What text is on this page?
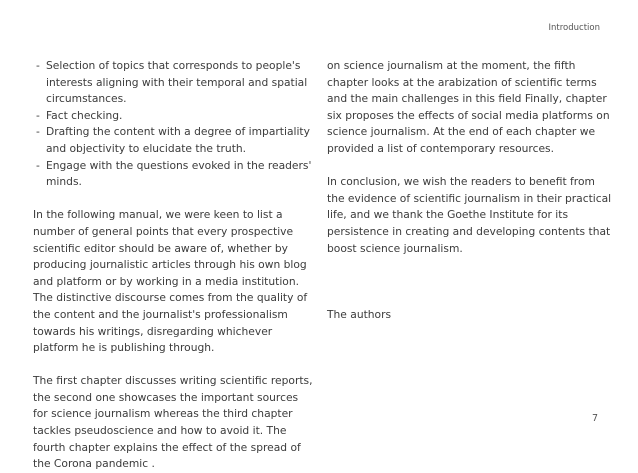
Introduction
- Selection of topics that corresponds to people's interests aligning with their temporal and spatial circumstances.
- Fact checking.
- Drafting the content with a degree of impartiality and objectivity to elucidate the truth.
- Engage with the questions evoked in the readers' minds.

In the following manual, we were keen to list a number of general points that every prospective scientific editor should be aware of, whether by producing journalistic articles through his own blog and platform or by working in a media institution. The distinctive discourse comes from the quality of the content and the journalist's professionalism towards his writings, disregarding whichever platform he is publishing through.

The first chapter discusses writing scientific reports, the second one showcases the important sources for science journalism whereas the third chapter tackles pseudoscience and how to avoid it. The fourth chapter explains the effect of the spread of the Corona pandemic .

on science journalism at the moment, the fifth chapter looks at the arabization of scientific terms and the main challenges in this field Finally, chapter six proposes the effects of social media platforms on science journalism. At the end of each chapter we provided a list of contemporary resources.

In conclusion, we wish the readers to benefit from the evidence of scientific journalism in their practical life, and we thank the Goethe Institute for its persistence in creating and developing contents that boost science journalism.

The authors

7
